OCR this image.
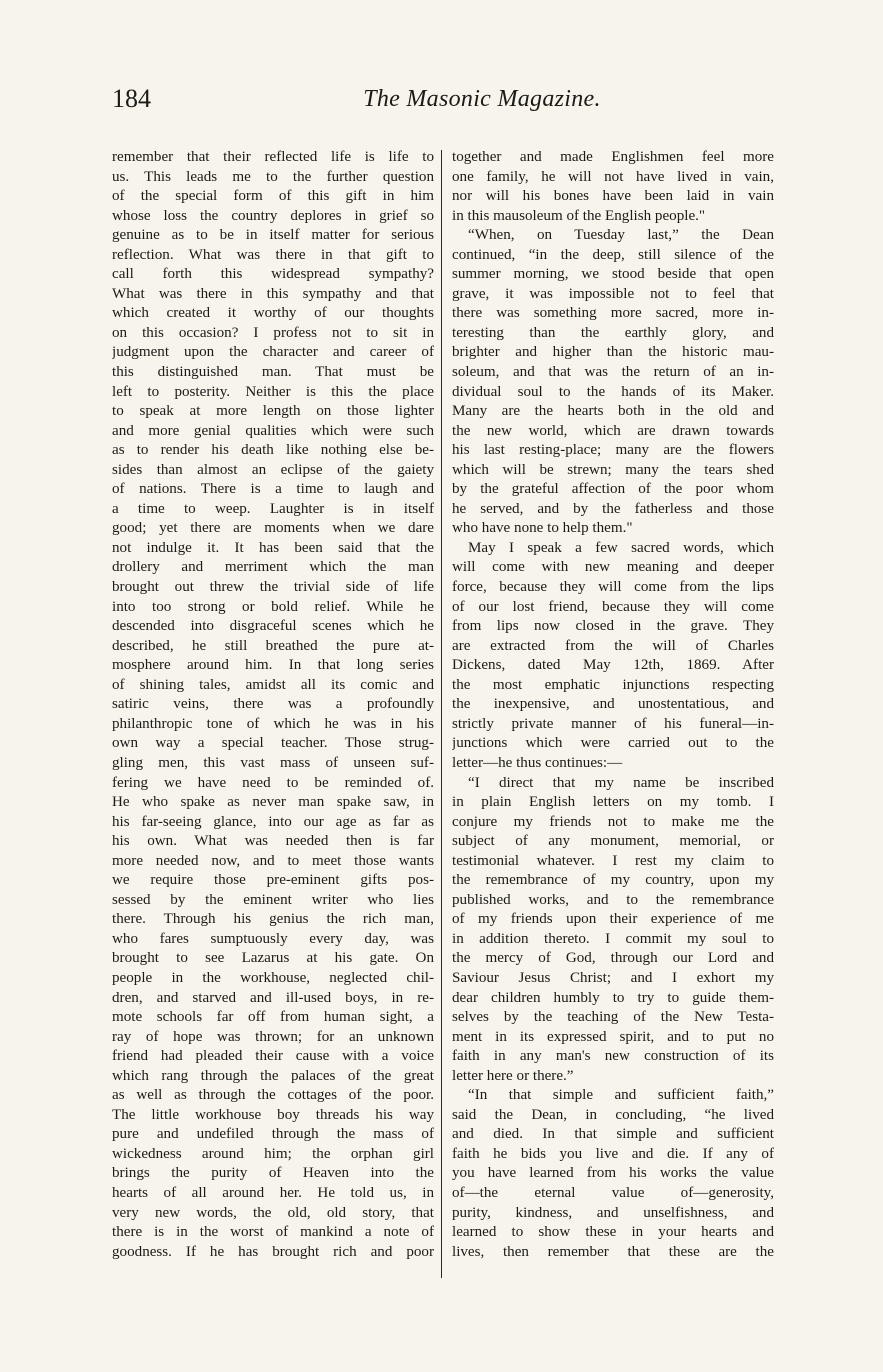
184	The Masonic Magazine.
remember that their reflected life is life to
us. This leads me to the further question
of the special form of this gift in him
whose loss the country deplores in grief so
genuine as to be in itself matter for serious
reflection. What was there in that gift to
call forth this widespread sympathy?
What was there in this sympathy and that
which created it worthy of our thoughts
on this occasion? I profess not to sit in
judgment upon the character and career of
this distinguished man. That must be
left to posterity. Neither is this the place
to speak at more length on those lighter
and more genial qualities which were such
as to render his death like nothing else be-
sides than almost an eclipse of the gaiety
of nations. There is a time to laugh and
a time to weep. Laughter is in itself
good; yet there are moments when we dare
not indulge it. It has been said that the
drollery and merriment which the man
brought out threw the trivial side of life
into too strong or bold relief. While he
descended into disgraceful scenes which he
described, he still breathed the pure at-
mosphere around him. In that long series
of shining tales, amidst all its comic and
satiric veins, there was a profoundly
philanthropic tone of which he was in his
own way a special teacher. Those strug-
gling men, this vast mass of unseen suf-
fering we have need to be reminded of.
He who spake as never man spake saw, in
his far-seeing glance, into our age as far as
his own. What was needed then is far
more needed now, and to meet those wants
we require those pre-eminent gifts pos-
sessed by the eminent writer who lies
there. Through his genius the rich man,
who fares sumptuously every day, was
brought to see Lazarus at his gate. On
people in the workhouse, neglected chil-
dren, and starved and ill-used boys, in re-
mote schools far off from human sight, a
ray of hope was thrown; for an unknown
friend had pleaded their cause with a voice
which rang through the palaces of the great
as well as through the cottages of the poor.
The little workhouse boy threads his way
pure and undefiled through the mass of
wickedness around him; the orphan girl
brings the purity of Heaven into the
hearts of all around her. He told us, in
very new words, the old, old story, that
there is in the worst of mankind a note of
goodness. If he has brought rich and poor
together and made Englishmen feel more
one family, he will not have lived in vain,
nor will his bones have been laid in vain
in this mausoleum of the English people."
“When, on Tuesday last,” the Dean
continued, “in the deep, still silence of the
summer morning, we stood beside that open
grave, it was impossible not to feel that
there was something more sacred, more in-
teresting than the earthly glory, and
brighter and higher than the historic mau-
soleum, and that was the return of an in-
dividual soul to the hands of its Maker.
Many are the hearts both in the old and
the new world, which are drawn towards
his last resting-place; many are the flowers
which will be strewn; many the tears shed
by the grateful affection of the poor whom
he served, and by the fatherless and those
who have none to help them."
May I speak a few sacred words, which
will come with new meaning and deeper
force, because they will come from the lips
of our lost friend, because they will come
from lips now closed in the grave. They
are extracted from the will of Charles
Dickens, dated May 12th, 1869. After
the most emphatic injunctions respecting
the inexpensive, and unostentatious, and
strictly private manner of his funeral—in-
junctions which were carried out to the
letter—he thus continues:—
“I direct that my name be inscribed
in plain English letters on my tomb. I
conjure my friends not to make me the
subject of any monument, memorial, or
testimonial whatever. I rest my claim to
the remembrance of my country, upon my
published works, and to the remembrance
of my friends upon their experience of me
in addition thereto. I commit my soul to
the mercy of God, through our Lord and
Saviour Jesus Christ; and I exhort my
dear children humbly to try to guide them-
selves by the teaching of the New Testa-
ment in its expressed spirit, and to put no
faith in any man's new construction of its
letter here or there.”
“In that simple and sufficient faith,”
said the Dean, in concluding, “he lived
and died. In that simple and sufficient
faith he bids you live and die. If any of
you have learned from his works the value
of—the eternal value of—generosity,
purity, kindness, and unselfishness, and
learned to show these in your hearts and
lives, then remember that these are the
